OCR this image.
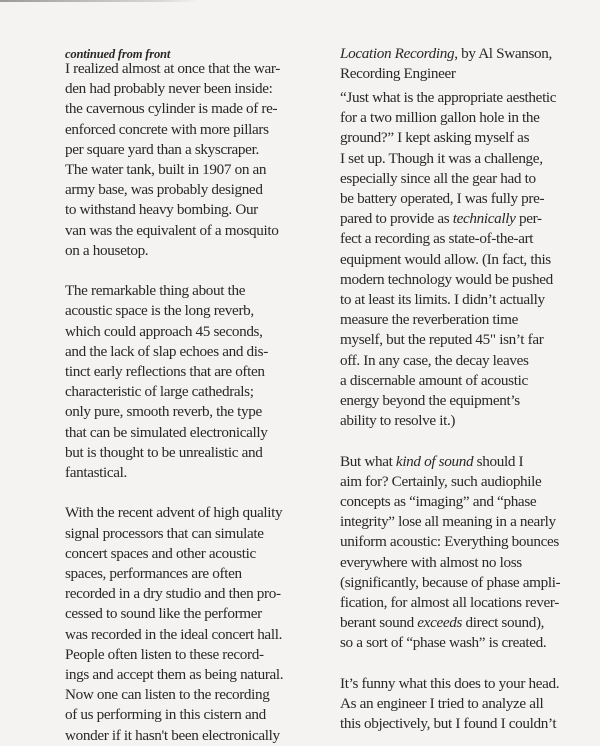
continued from front
I realized almost at once that the war-
den had probably never been inside:
the cavernous cylinder is made of re-
enforced concrete with more pillars
per square yard than a skyscraper.
The water tank, built in 1907 on an
army base, was probably designed
to withstand heavy bombing. Our
van was the equivalent of a mosquito
on a housetop.
The remarkable thing about the
acoustic space is the long reverb,
which could approach 45 seconds,
and the lack of slap echoes and dis-
tinct early reflections that are often
characteristic of large cathedrals;
only pure, smooth reverb, the type
that can be simulated electronically
but is thought to be unrealistic and
fantastical.
With the recent advent of high quality
signal processors that can simulate
concert spaces and other acoustic
spaces, performances are often
recorded in a dry studio and then pro-
cessed to sound like the performer
was recorded in the ideal concert hall.
People often listen to these record-
ings and accept them as being natural.
Now one can listen to the recording
of us performing in this cistern and
wonder if it hasn't been electronically
Location Recording, by Al Swanson,
Recording Engineer
“Just what is the appropriate aesthetic
for a two million gallon hole in the
ground?” I kept asking myself as
I set up. Though it was a challenge,
especially since all the gear had to
be battery operated, I was fully pre-
pared to provide as technically per-
fect a recording as state-of-the-art
equipment would allow. (In fact, this
modern technology would be pushed
to at least its limits. I didn’t actually
measure the reverberation time
myself, but the reputed 45" isn’t far
off. In any case, the decay leaves
a discernable amount of acoustic
energy beyond the equipment’s
ability to resolve it.)
But what kind of sound should I
aim for? Certainly, such audiophile
concepts as “imaging” and “phase
integrity” lose all meaning in a nearly
uniform acoustic: Everything bounces
everywhere with almost no loss
(significantly, because of phase ampli-
fication, for almost all locations rever-
berant sound exceeds direct sound),
so a sort of “phase wash” is created.
It’s funny what this does to your head.
As an engineer I tried to analyze all
this objectively, but I found I couldn’t
